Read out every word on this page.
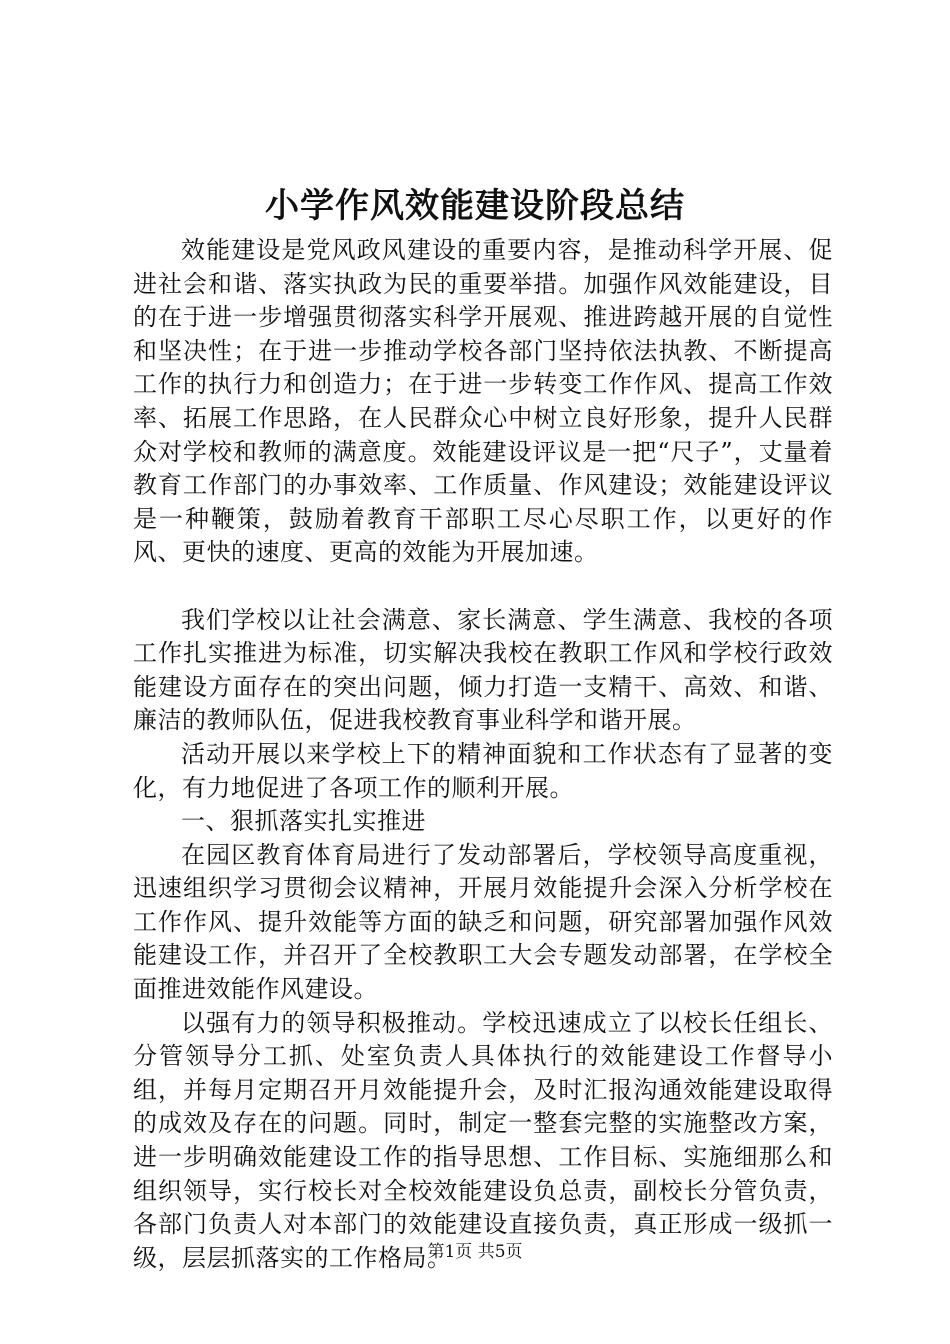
小学作风效能建设阶段总结

效能建设是党风政风建设的重要内容，是推动科学开展、促进社会和谐、落实执政为民的重要举措。加强作风效能建设，目的在于进一步增强贯彻落实科学开展观、推进跨越开展的自觉性和坚决性；在于进一步推动学校各部门坚持依法执教、不断提高工作的执行力和创造力；在于进一步转变工作作风、提高工作效率、拓展工作思路，在人民群众心中树立良好形象，提升人民群众对学校和教师的满意度。效能建设评议是一把“尺子”，丈量着教育工作部门的办事效率、工作质量、作风建设；效能建设评议是一种鞭策，鼓励着教育干部职工尽心尽职工作，以更好的作风、更快的速度、更高的效能为开展加速。

我们学校以让社会满意、家长满意、学生满意、我校的各项工作扎实推进为标准，切实解决我校在教职工作风和学校行政效能建设方面存在的突出问题，倾力打造一支精干、高效、和谐、廉洁的教师队伍，促进我校教育事业科学和谐开展。

活动开展以来学校上下的精神面貌和工作状态有了显著的变化，有力地促进了各项工作的顺利开展。

一、狠抓落实扎实推进

在园区教育体育局进行了发动部署后，学校领导高度重视，迅速组织学习贯彻会议精神，开展月效能提升会深入分析学校在工作作风、提升效能等方面的缺乏和问题，研究部署加强作风效能建设工作，并召开了全校教职工大会专题发动部署，在学校全面推进效能作风建设。

以强有力的领导积极推动。学校迅速成立了以校长任组长、分管领导分工抓、处室负责人具体执行的效能建设工作督导小组，并每月定期召开月效能提升会，及时汇报沟通效能建设取得的成效及存在的问题。同时，制定一整套完整的实施整改方案，进一步明确效能建设工作的指导思想、工作目标、实施细那么和组织领导，实行校长对全校效能建设负总责，副校长分管负责，各部门负责人对本部门的效能建设直接负责，真正形成一级抓一级，层层抓落实的工作格局。

第1页 共5页
